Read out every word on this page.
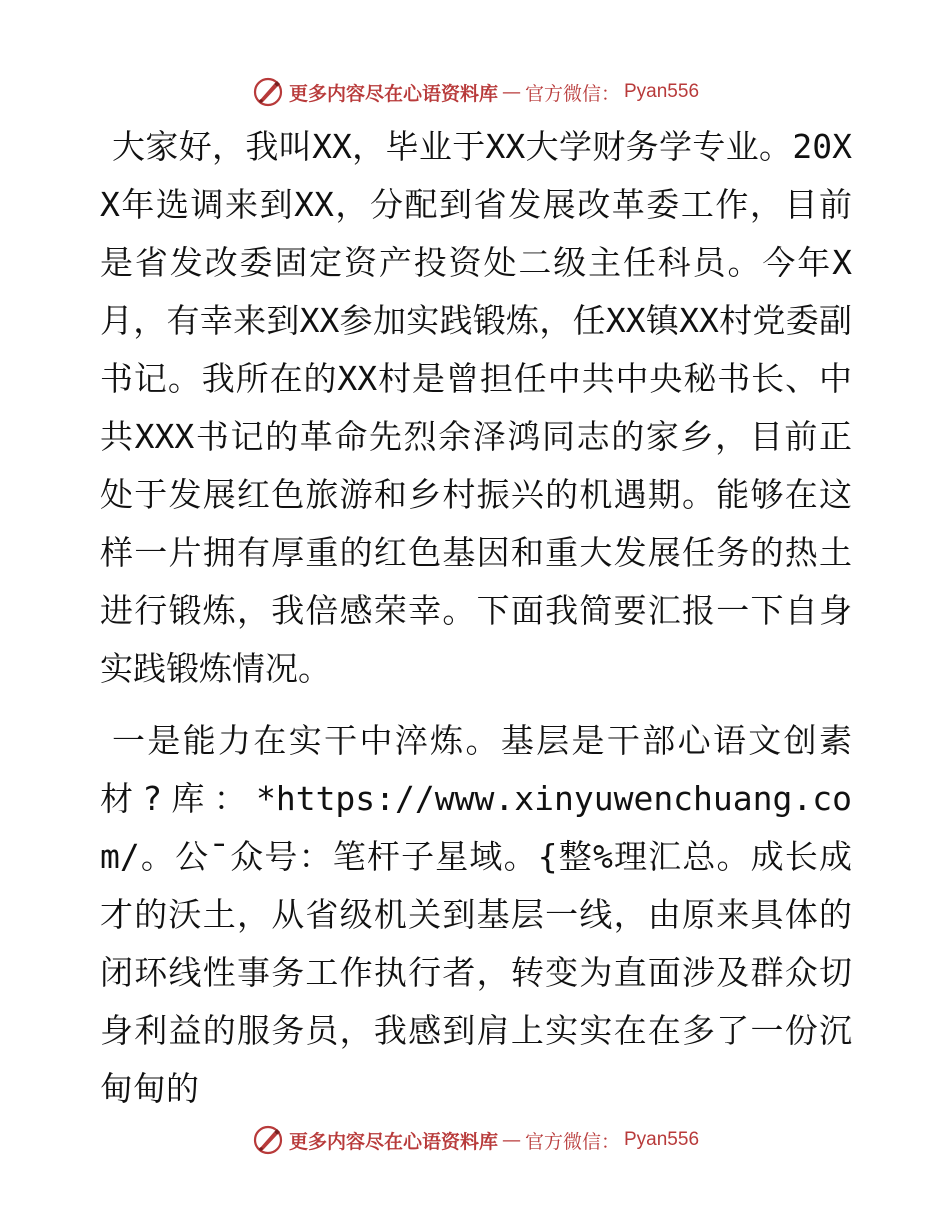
更多内容尽在心语资料库 — 官方微信： Pyan556

大家好，我叫XX，毕业于XX大学财务学专业。20XX年选调来到XX，分配到省发展改革委工作，目前是省发改委固定资产投资处二级主任科员。今年X月，有幸来到XX参加实践锻炼，任XX镇XX村党委副书记。我所在的XX村是曾担任中共中央秘书长、中共XXX书记的革命先烈余泽鸿同志的家乡，目前正处于发展红色旅游和乡村振兴的机遇期。能够在这样一片拥有厚重的红色基因和重大发展任务的热土进行锻炼，我倍感荣幸。下面我简要汇报一下自身实践锻炼情况。

一是能力在实干中淬炼。基层是干部心语文创素材?库：*https://www.xinyuwenchuang.com/。公¯众号：笔杆子星域。{整%理汇总。成长成才的沃土，从省级机关到基层一线，由原来具体的闭环线性事务工作执行者，转变为直面涉及群众切身利益的服务员，我感到肩上实实在在多了一份沉甸甸的

更多内容尽在心语资料库 — 官方微信： Pyan556
